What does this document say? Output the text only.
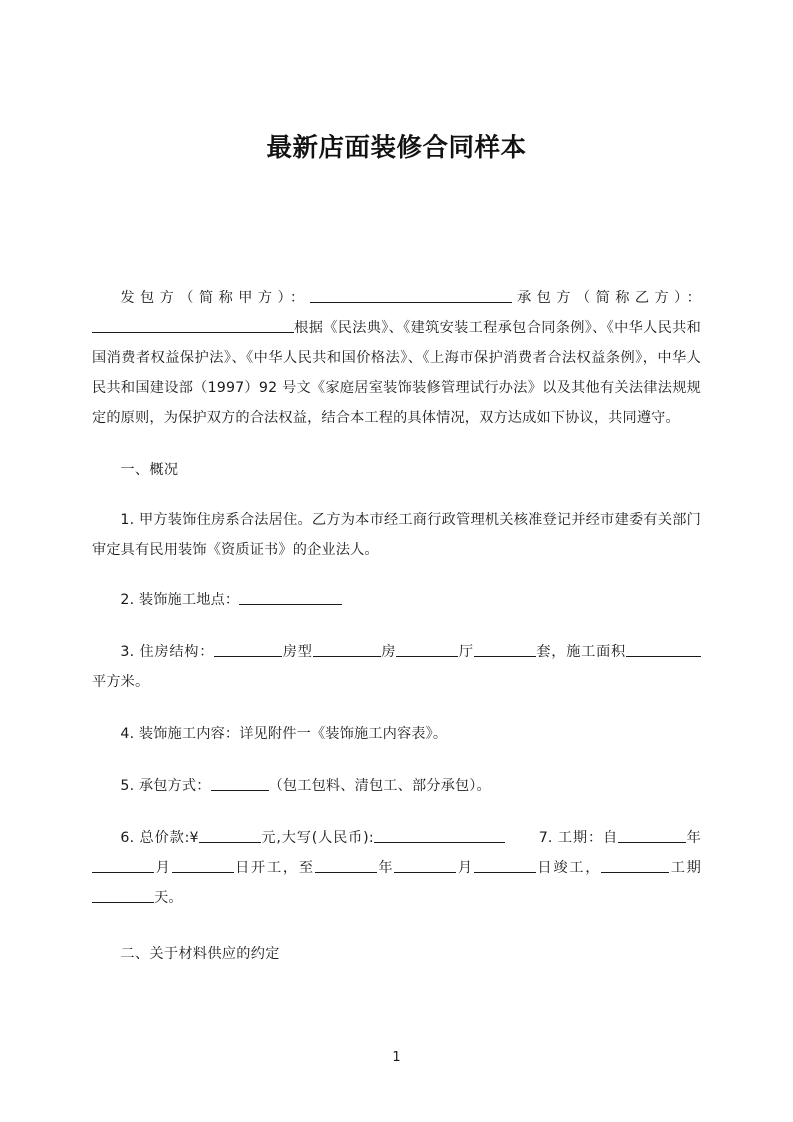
最新店面装修合同样本

发包方（简称甲方）：	承包方（简称乙方）：根据《民法典》、《建筑安装工程承包合同条例》、《中华人民共和国消费者权益保护法》、《中华人民共和国价格法》、《上海市保护消费者合法权益条例》，中华人民共和国建设部（1997）92 号文《家庭居室装饰装修管理试行办法》以及其他有关法律法规规定的原则，为保护双方的合法权益，结合本工程的具体情况，双方达成如下协议，共同遵守。

一、概况

1. 甲方装饰住房系合法居住。乙方为本市经工商行政管理机关核准登记并经市建委有关部门审定具有民用装饰《资质证书》的企业法人。

2. 装饰施工地点：

3. 住房结构：	房型	房	厅	套，施工面积平方米。

4. 装饰施工内容：详见附件一《装饰施工内容表》。

5. 承包方式：	（包工包料、清包工、部分承包）。

6. 总价款:¥	元,大写(人民币):	7. 工期：自	年月	日开工，至	年	月	日竣工，	工期天。

二、关于材料供应的约定

1
